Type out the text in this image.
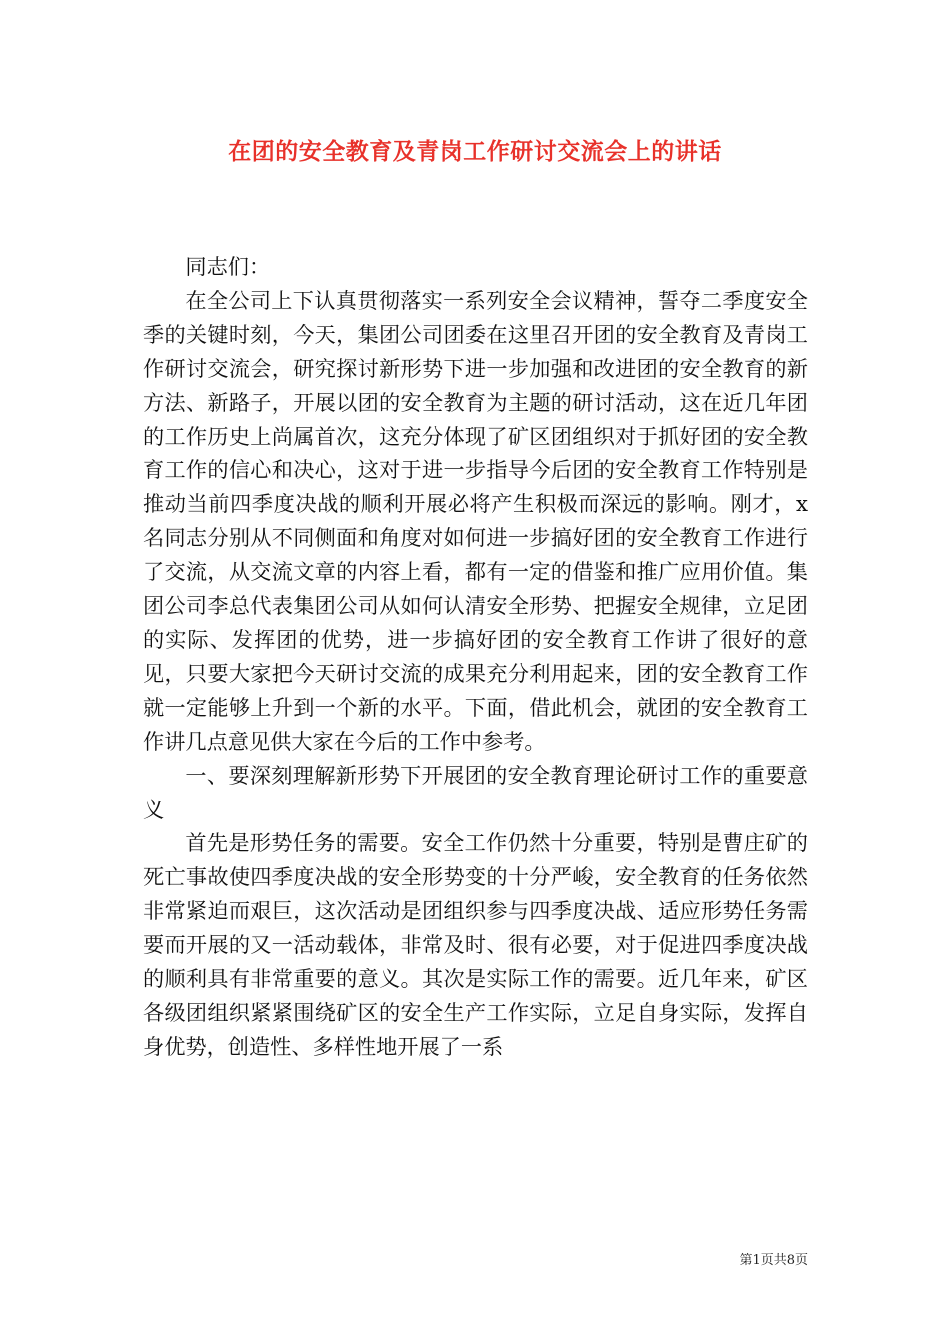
在团的安全教育及青岗工作研讨交流会上的讲话

同志们：

在全公司上下认真贯彻落实一系列安全会议精神，誓夺二季度安全季的关键时刻，今天，集团公司团委在这里召开团的安全教育及青岗工作研讨交流会，研究探讨新形势下进一步加强和改进团的安全教育的新方法、新路子，开展以团的安全教育为主题的研讨活动，这在近几年团的工作历史上尚属首次，这充分体现了矿区团组织对于抓好团的安全教育工作的信心和决心，这对于进一步指导今后团的安全教育工作特别是推动当前四季度决战的顺利开展必将产生积极而深远的影响。刚才，x名同志分别从不同侧面和角度对如何进一步搞好团的安全教育工作进行了交流，从交流文章的内容上看，都有一定的借鉴和推广应用价值。集团公司李总代表集团公司从如何认清安全形势、把握安全规律，立足团的实际、发挥团的优势，进一步搞好团的安全教育工作讲了很好的意见，只要大家把今天研讨交流的成果充分利用起来，团的安全教育工作就一定能够上升到一个新的水平。下面，借此机会，就团的安全教育工作讲几点意见供大家在今后的工作中参考。

一、要深刻理解新形势下开展团的安全教育理论研讨工作的重要意义

首先是形势任务的需要。安全工作仍然十分重要，特别是曹庄矿的死亡事故使四季度决战的安全形势变的十分严峻，安全教育的任务依然非常紧迫而艰巨，这次活动是团组织参与四季度决战、适应形势任务需要而开展的又一活动载体，非常及时、很有必要，对于促进四季度决战的顺利具有非常重要的意义。其次是实际工作的需要。近几年来，矿区各级团组织紧紧围绕矿区的安全生产工作实际，立足自身实际，发挥自身优势，创造性、多样性地开展了一系

第1页共8页
